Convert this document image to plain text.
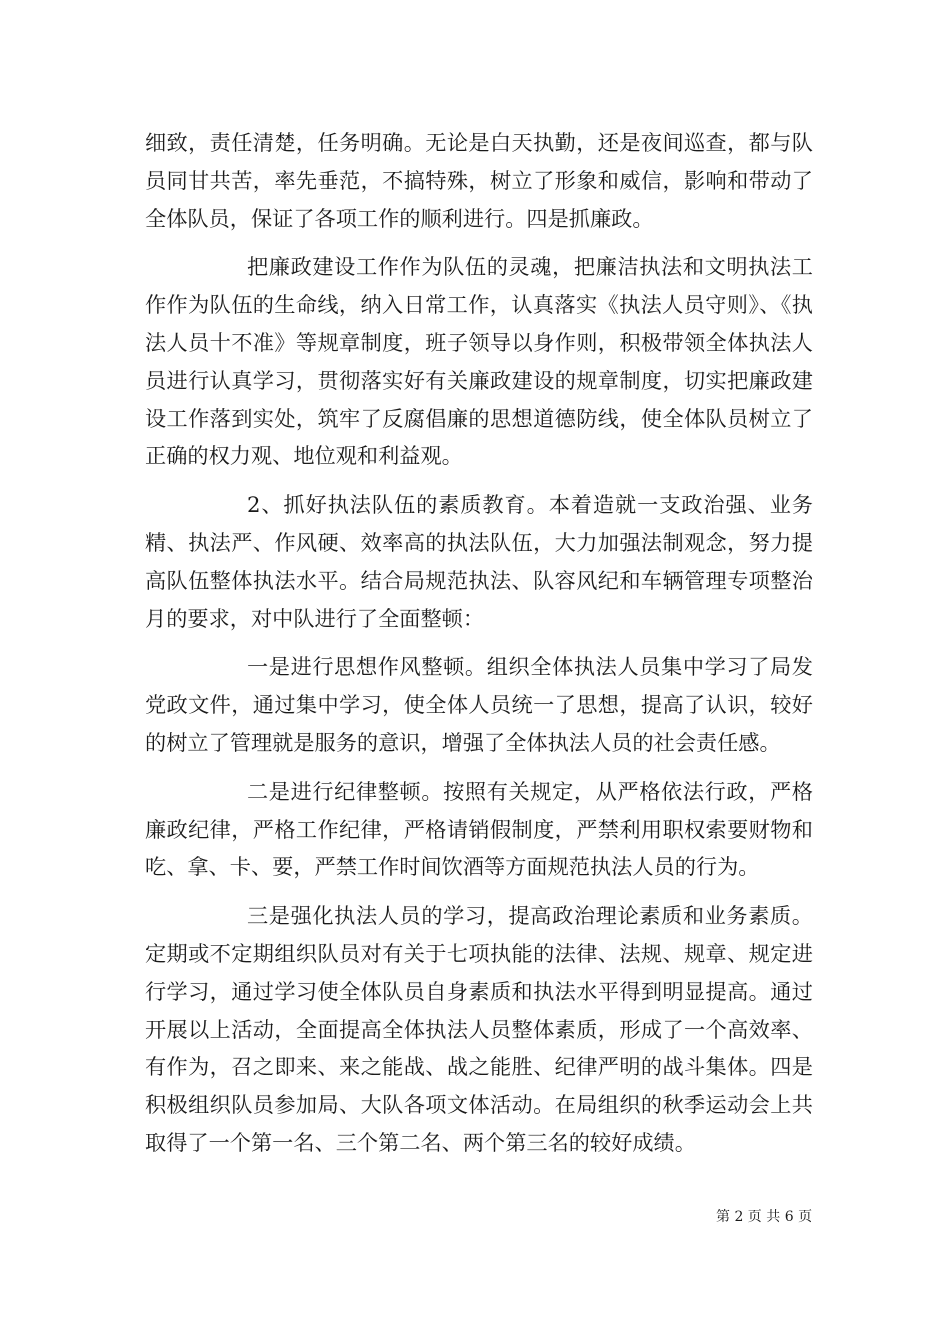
细致，责任清楚，任务明确。无论是白天执勤，还是夜间巡查，都与队员同甘共苦，率先垂范，不搞特殊，树立了形象和威信，影响和带动了全体队员，保证了各项工作的顺利进行。四是抓廉政。

把廉政建设工作作为队伍的灵魂，把廉洁执法和文明执法工作作为队伍的生命线，纳入日常工作，认真落实《执法人员守则》、《执法人员十不准》等规章制度，班子领导以身作则，积极带领全体执法人员进行认真学习，贯彻落实好有关廉政建设的规章制度，切实把廉政建设工作落到实处，筑牢了反腐倡廉的思想道德防线，使全体队员树立了正确的权力观、地位观和利益观。

2、抓好执法队伍的素质教育。本着造就一支政治强、业务精、执法严、作风硬、效率高的执法队伍，大力加强法制观念，努力提高队伍整体执法水平。结合局规范执法、队容风纪和车辆管理专项整治月的要求，对中队进行了全面整顿：

一是进行思想作风整顿。组织全体执法人员集中学习了局发党政文件，通过集中学习，使全体人员统一了思想，提高了认识，较好的树立了管理就是服务的意识，增强了全体执法人员的社会责任感。

二是进行纪律整顿。按照有关规定，从严格依法行政，严格廉政纪律，严格工作纪律，严格请销假制度，严禁利用职权索要财物和吃、拿、卡、要，严禁工作时间饮酒等方面规范执法人员的行为。

三是强化执法人员的学习，提高政治理论素质和业务素质。定期或不定期组织队员对有关于七项执能的法律、法规、规章、规定进行学习，通过学习使全体队员自身素质和执法水平得到明显提高。通过开展以上活动，全面提高全体执法人员整体素质，形成了一个高效率、有作为，召之即来、来之能战、战之能胜、纪律严明的战斗集体。四是积极组织队员参加局、大队各项文体活动。在局组织的秋季运动会上共取得了一个第一名、三个第二名、两个第三名的较好成绩。

第 2 页 共 6 页
